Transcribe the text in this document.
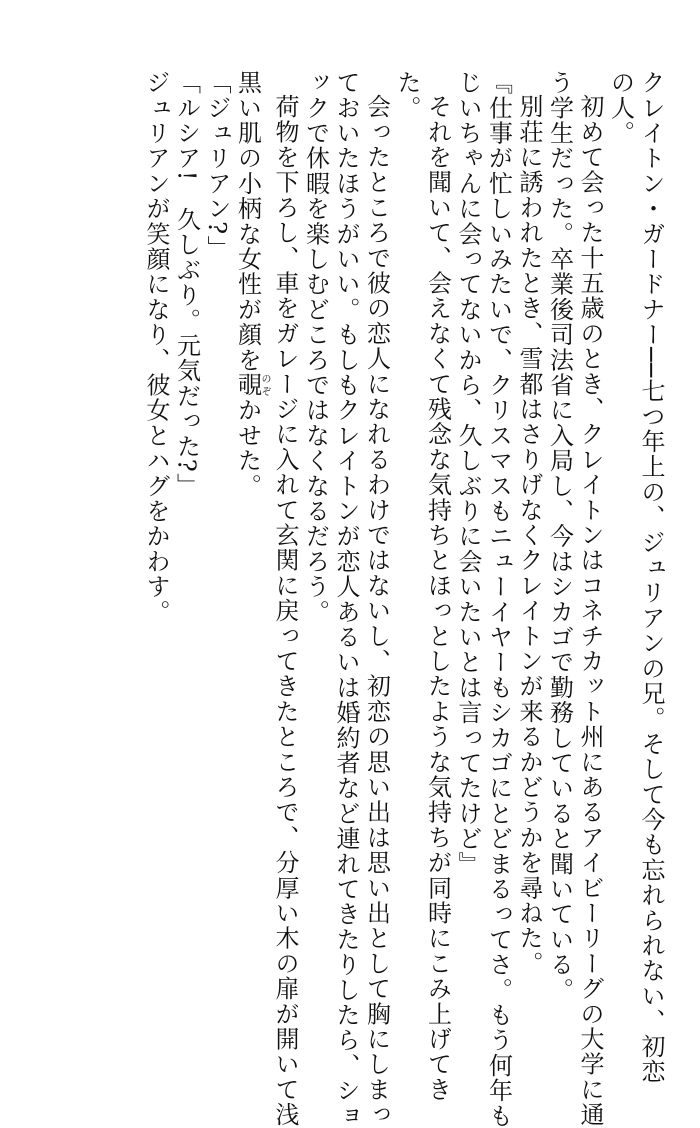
クレイトン・ガードナー──七つ年上の、ジュリアンの兄。そして今も忘れられない、初恋
の人。
初めて会った十五歳のとき、クレイトンはコネチカット州にあるアイビーリーグの大学に通
う学生だった。卒業後司法省に入局し、今はシカゴで勤務していると聞いている。
別荘に誘われたとき、雪都はさりげなくクレイトンが来るかどうかを尋ねた。
『仕事が忙しいみたいで、クリスマスもニューイヤーもシカゴにとどまるってさ。もう何年も
じいちゃんに会ってないから、久しぶりに会いたいとは言ってたけど』
それを聞いて、会えなくて残念な気持ちとほっとしたような気持ちが同時にこみ上げてき
た。
会ったところで彼の恋人になれるわけではないし、初恋の思い出は思い出として胸にしまっ
ておいたほうがいい。もしもクレイトンが恋人あるいは婚約者など連れてきたりしたら、ショ
ックで休暇を楽しむどころではなくなるだろう。
荷物を下ろし、車をガレージに入れて玄関に戻ってきたところで、分厚い木の扉が開いて浅
黒い肌の小柄な女性が顔を覗のぞかせた。
「ジュリアン?」
「ルシア!　久しぶり。元気だった?」
ジュリアンが笑顔になり、彼女とハグをかわす。
